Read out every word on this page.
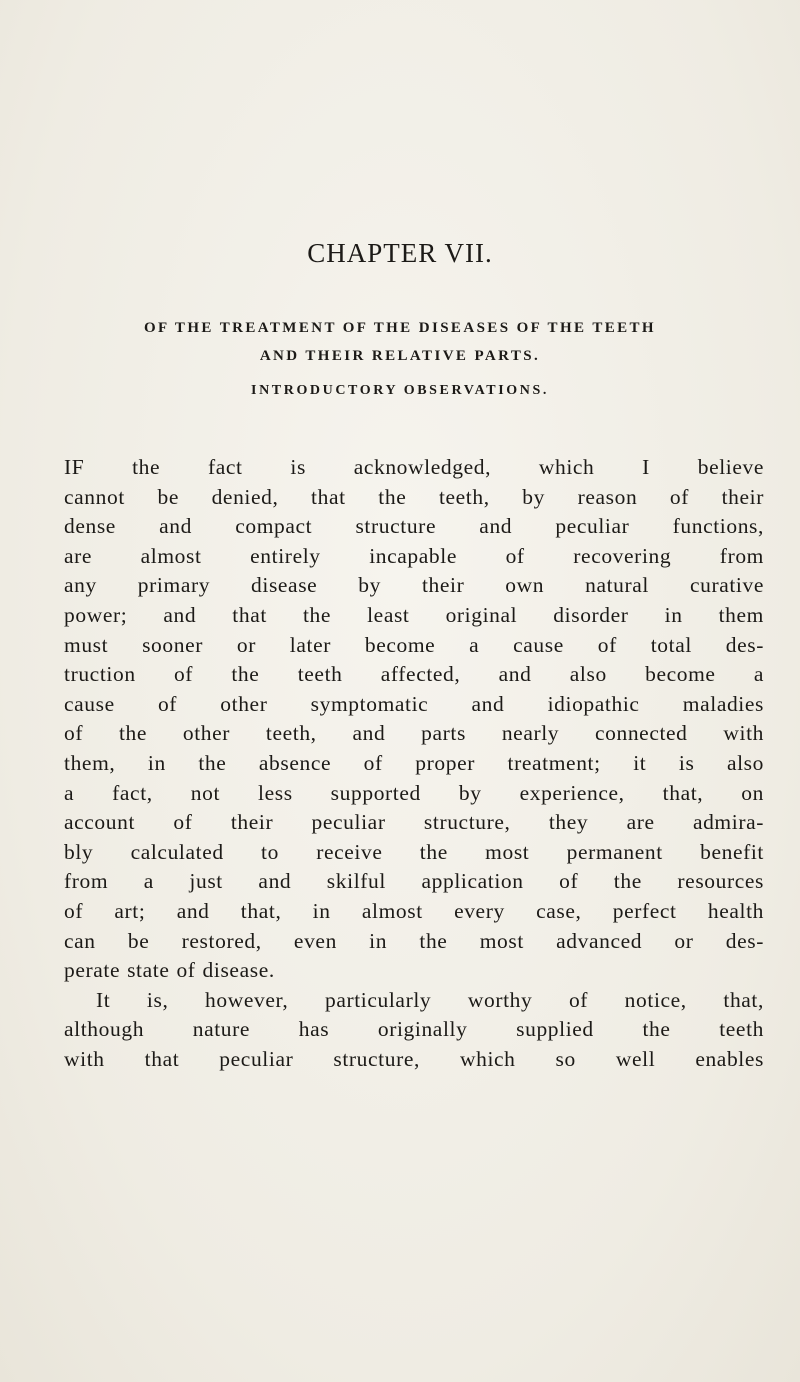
CHAPTER VII.
OF THE TREATMENT OF THE DISEASES OF THE TEETH
AND THEIR RELATIVE PARTS.
INTRODUCTORY OBSERVATIONS.
IF the fact is acknowledged, which I believe
cannot be denied, that the teeth, by reason of their
dense and compact structure and peculiar functions,
are almost entirely incapable of recovering from
any primary disease by their own natural curative
power; and that the least original disorder in them
must sooner or later become a cause of total des-
truction of the teeth affected, and also become a
cause of other symptomatic and idiopathic maladies
of the other teeth, and parts nearly connected with
them, in the absence of proper treatment; it is also
a fact, not less supported by experience, that, on
account of their peculiar structure, they are admira-
bly calculated to receive the most permanent benefit
from a just and skilful application of the resources
of art; and that, in almost every case, perfect health
can be restored, even in the most advanced or des-
perate state of disease.
It is, however, particularly worthy of notice, that,
although nature has originally supplied the teeth
with that peculiar structure, which so well enables
